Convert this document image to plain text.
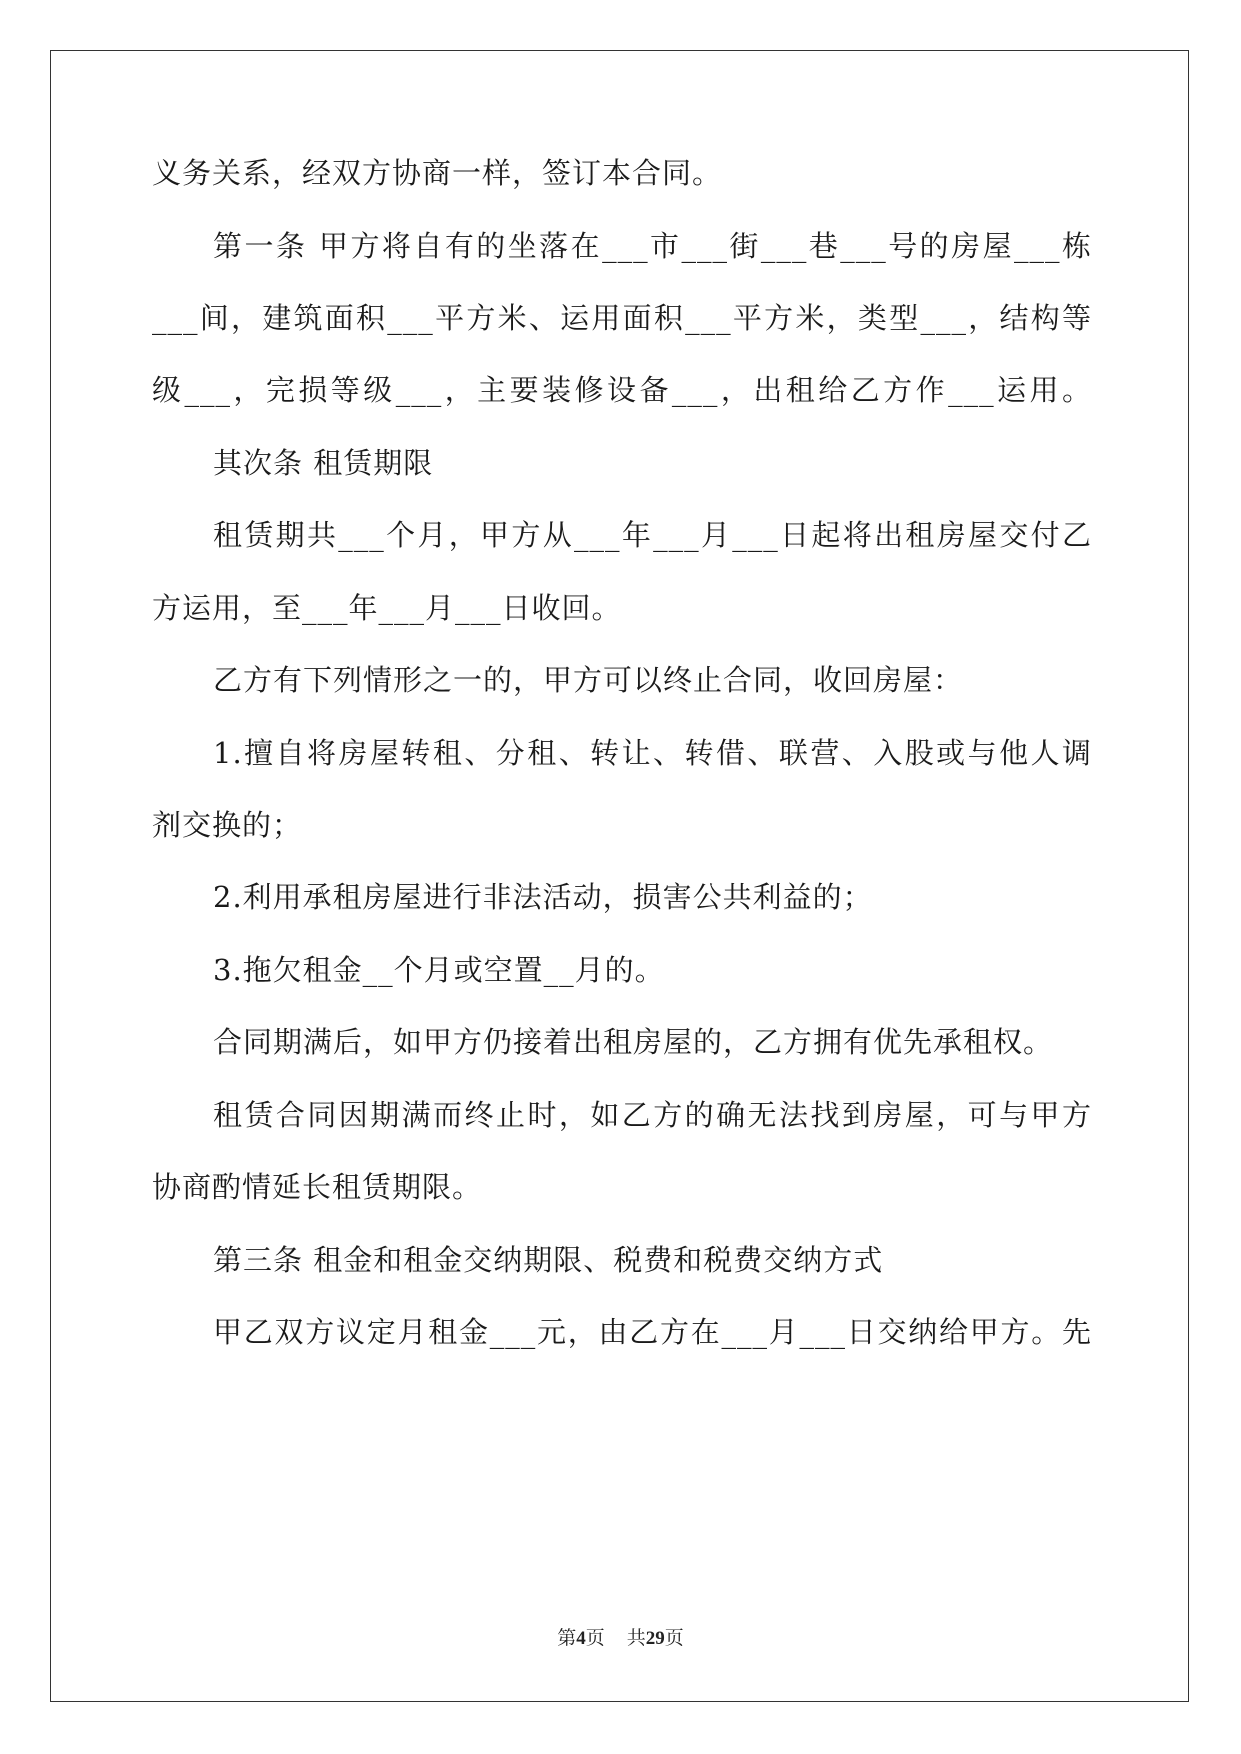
义务关系，经双方协商一样，签订本合同。
第一条 甲方将自有的坐落在___市___街___巷___号的房屋___栋
___间，建筑面积___平方米、运用面积___平方米，类型___，结构等
级___，完损等级___，主要装修设备___，出租给乙方作___运用。
其次条 租赁期限
租赁期共___个月，甲方从___年___月___日起将出租房屋交付乙
方运用，至___年___月___日收回。
乙方有下列情形之一的，甲方可以终止合同，收回房屋：
1.擅自将房屋转租、分租、转让、转借、联营、入股或与他人调
剂交换的；
2.利用承租房屋进行非法活动，损害公共利益的；
3.拖欠租金__个月或空置__月的。
合同期满后，如甲方仍接着出租房屋的，乙方拥有优先承租权。
租赁合同因期满而终止时，如乙方的确无法找到房屋，可与甲方
协商酌情延长租赁期限。
第三条 租金和租金交纳期限、税费和税费交纳方式
甲乙双方议定月租金___元，由乙方在___月___日交纳给甲方。先
第4页 共29页
